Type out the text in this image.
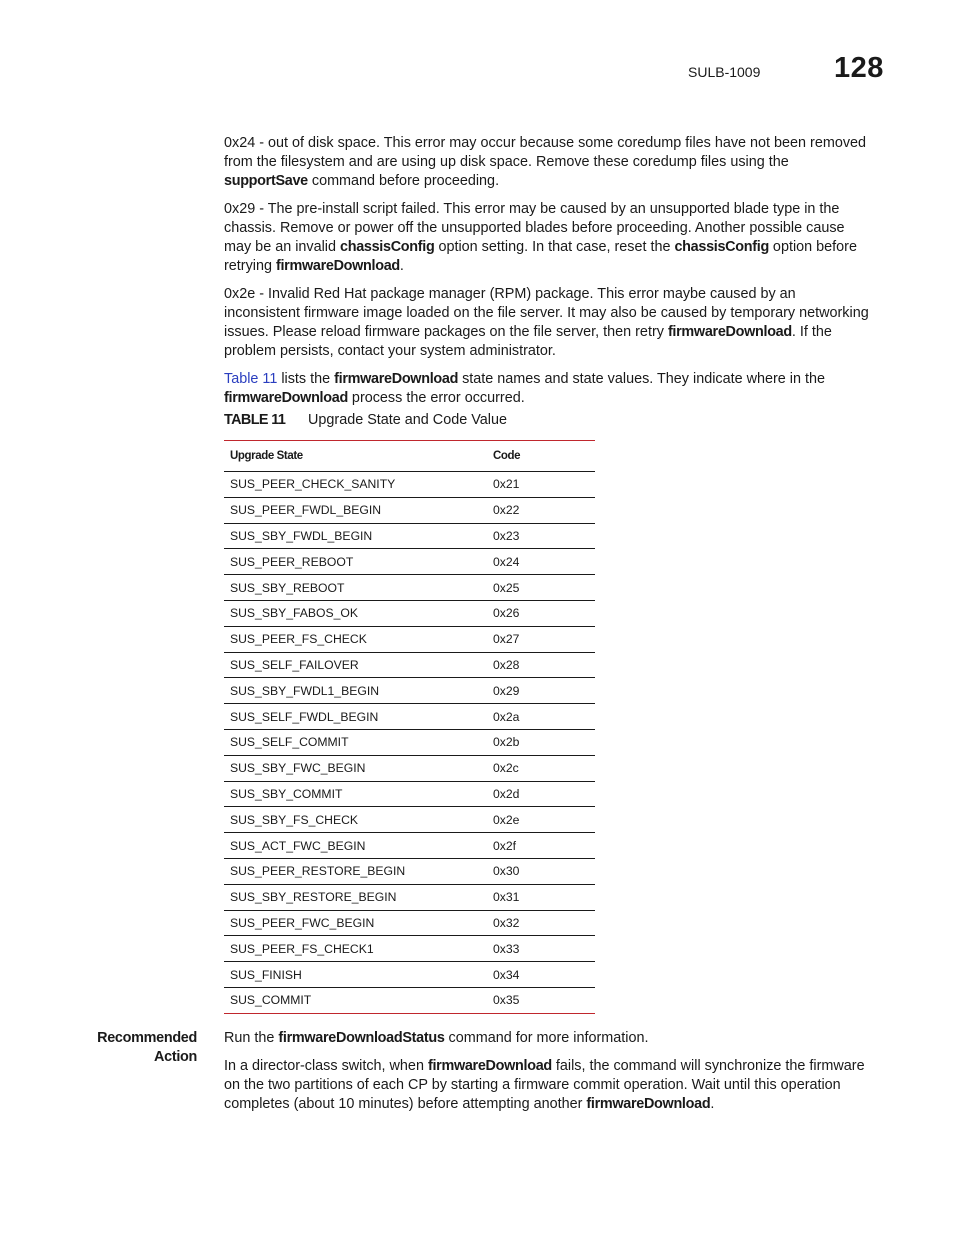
SULB-1009	128

0x24 - out of disk space. This error may occur because some coredump files have not been removed from the filesystem and are using up disk space. Remove these coredump files using the supportSave command before proceeding.

0x29 - The pre-install script failed. This error may be caused by an unsupported blade type in the chassis. Remove or power off the unsupported blades before proceeding. Another possible cause may be an invalid chassisConfig option setting. In that case, reset the chassisConfig option before retrying firmwareDownload.

0x2e - Invalid Red Hat package manager (RPM) package. This error maybe caused by an inconsistent firmware image loaded on the file server. It may also be caused by temporary networking issues. Please reload firmware packages on the file server, then retry firmwareDownload. If the problem persists, contact your system administrator.

Table 11 lists the firmwareDownload state names and state values. They indicate where in the firmwareDownload process the error occurred.

TABLE 11 Upgrade State and Code Value
Upgrade State	Code
SUS_PEER_CHECK_SANITY	0x21
SUS_PEER_FWDL_BEGIN	0x22
SUS_SBY_FWDL_BEGIN	0x23
SUS_PEER_REBOOT	0x24
SUS_SBY_REBOOT	0x25
SUS_SBY_FABOS_OK	0x26
SUS_PEER_FS_CHECK	0x27
SUS_SELF_FAILOVER	0x28
SUS_SBY_FWDL1_BEGIN	0x29
SUS_SELF_FWDL_BEGIN	0x2a
SUS_SELF_COMMIT	0x2b
SUS_SBY_FWC_BEGIN	0x2c
SUS_SBY_COMMIT	0x2d
SUS_SBY_FS_CHECK	0x2e
SUS_ACT_FWC_BEGIN	0x2f
SUS_PEER_RESTORE_BEGIN	0x30
SUS_SBY_RESTORE_BEGIN	0x31
SUS_PEER_FWC_BEGIN	0x32
SUS_PEER_FS_CHECK1	0x33
SUS_FINISH	0x34
SUS_COMMIT	0x35
Recommended
Action

Run the firmwareDownloadStatus command for more information.

In a director-class switch, when firmwareDownload fails, the command will synchronize the firmware on the two partitions of each CP by starting a firmware commit operation. Wait until this operation completes (about 10 minutes) before attempting another firmwareDownload.
